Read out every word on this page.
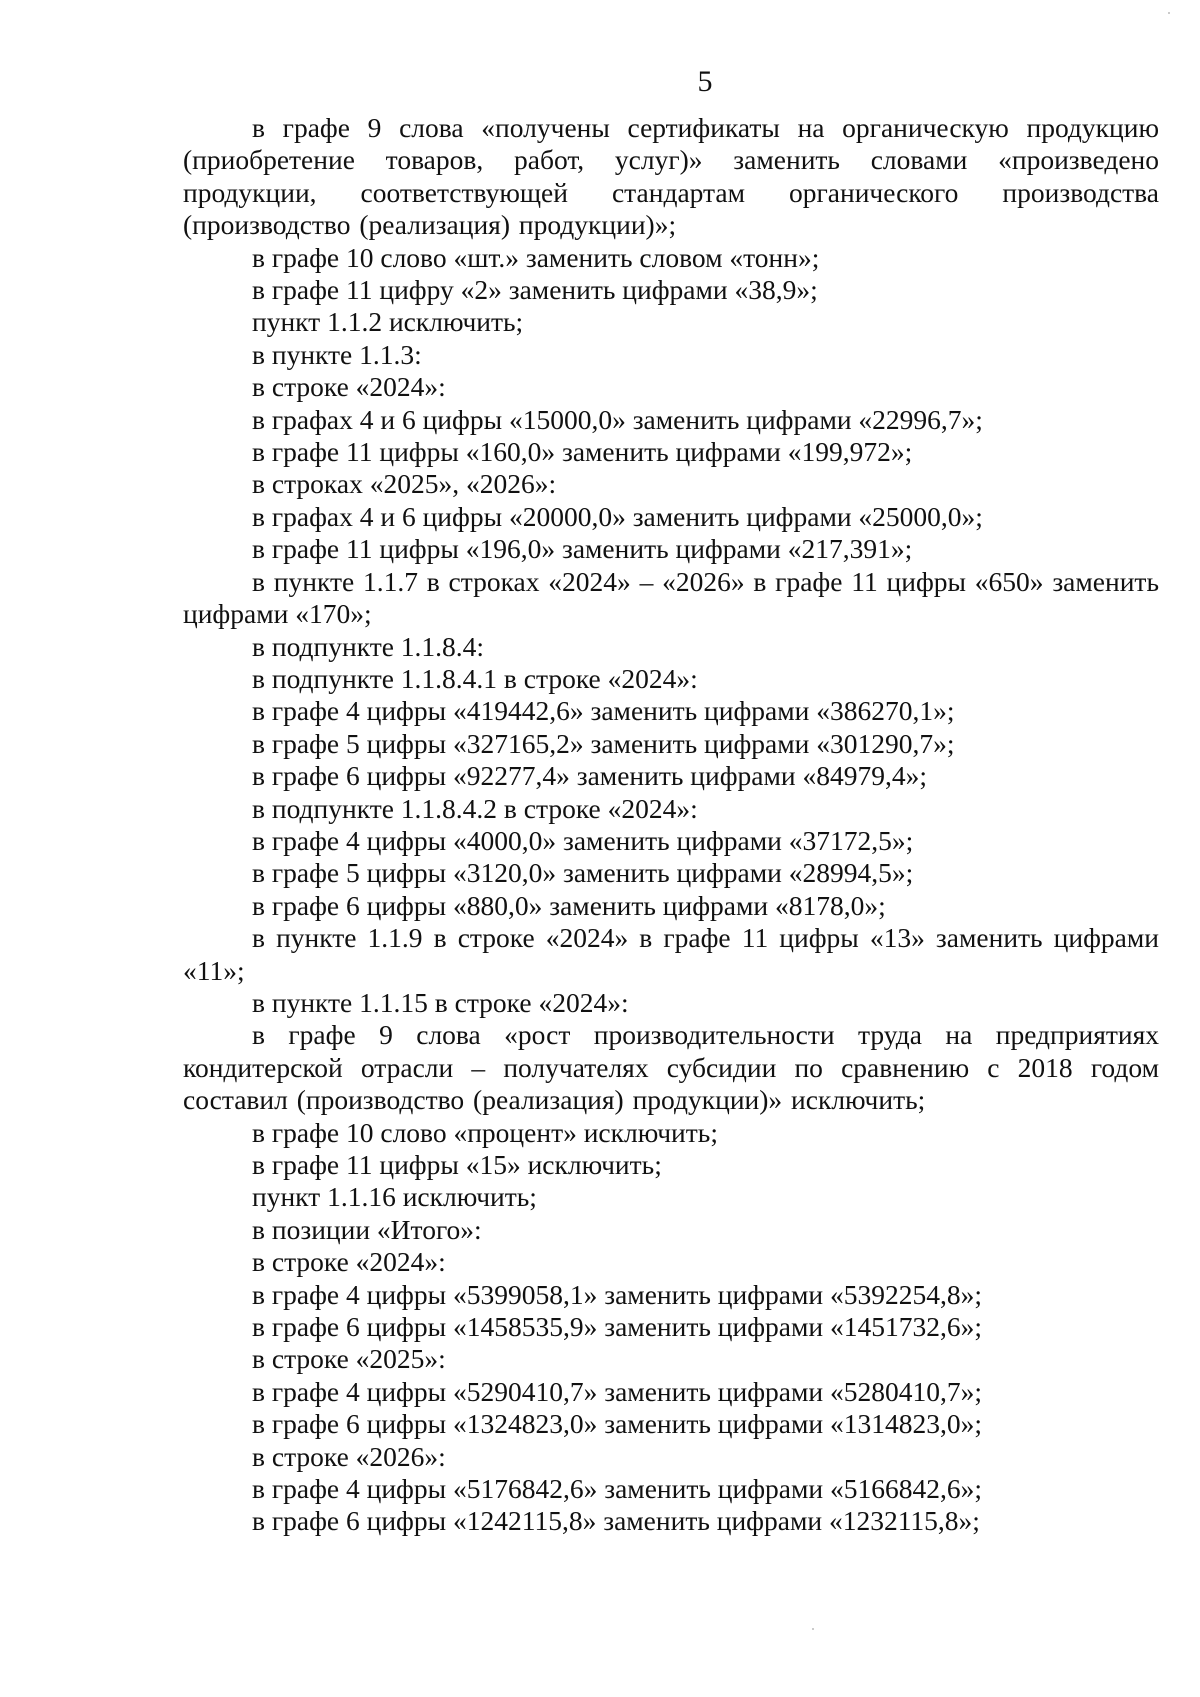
5

в графе 9 слова «получены сертификаты на органическую продукцию (приобретение товаров, работ, услуг)» заменить словами «произведено продукции, соответствующей стандартам органического производства (производство (реализация) продукции)»;

в графе 10 слово «шт.» заменить словом «тонн»;

в графе 11 цифру «2» заменить цифрами «38,9»;

пункт 1.1.2 исключить;

в пункте 1.1.3:

в строке «2024»:

в графах 4 и 6 цифры «15000,0» заменить цифрами «22996,7»;

в графе 11 цифры «160,0» заменить цифрами «199,972»;

в строках «2025», «2026»:

в графах 4 и 6 цифры «20000,0» заменить цифрами «25000,0»;

в графе 11 цифры «196,0» заменить цифрами «217,391»;

в пункте 1.1.7 в строках «2024» – «2026» в графе 11 цифры «650» заменить цифрами «170»;

в подпункте 1.1.8.4:

в подпункте 1.1.8.4.1 в строке «2024»:

в графе 4 цифры «419442,6» заменить цифрами «386270,1»;

в графе 5 цифры «327165,2» заменить цифрами «301290,7»;

в графе 6 цифры «92277,4» заменить цифрами «84979,4»;

в подпункте 1.1.8.4.2 в строке «2024»:

в графе 4 цифры «4000,0» заменить цифрами «37172,5»;

в графе 5 цифры «3120,0» заменить цифрами «28994,5»;

в графе 6 цифры «880,0» заменить цифрами «8178,0»;

в пункте 1.1.9 в строке «2024» в графе 11 цифры «13» заменить цифрами «11»;

в пункте 1.1.15 в строке «2024»:

в графе 9 слова «рост производительности труда на предприятиях кондитерской отрасли – получателях субсидии по сравнению с 2018 годом составил (производство (реализация) продукции)» исключить;

в графе 10 слово «процент» исключить;

в графе 11 цифры «15» исключить;

пункт 1.1.16 исключить;

в позиции «Итого»:

в строке «2024»:

в графе 4 цифры «5399058,1» заменить цифрами «5392254,8»;

в графе 6 цифры «1458535,9» заменить цифрами «1451732,6»;

в строке «2025»:

в графе 4 цифры «5290410,7» заменить цифрами «5280410,7»;

в графе 6 цифры «1324823,0» заменить цифрами «1314823,0»;

в строке «2026»:

в графе 4 цифры «5176842,6» заменить цифрами «5166842,6»;

в графе 6 цифры «1242115,8» заменить цифрами «1232115,8»;
